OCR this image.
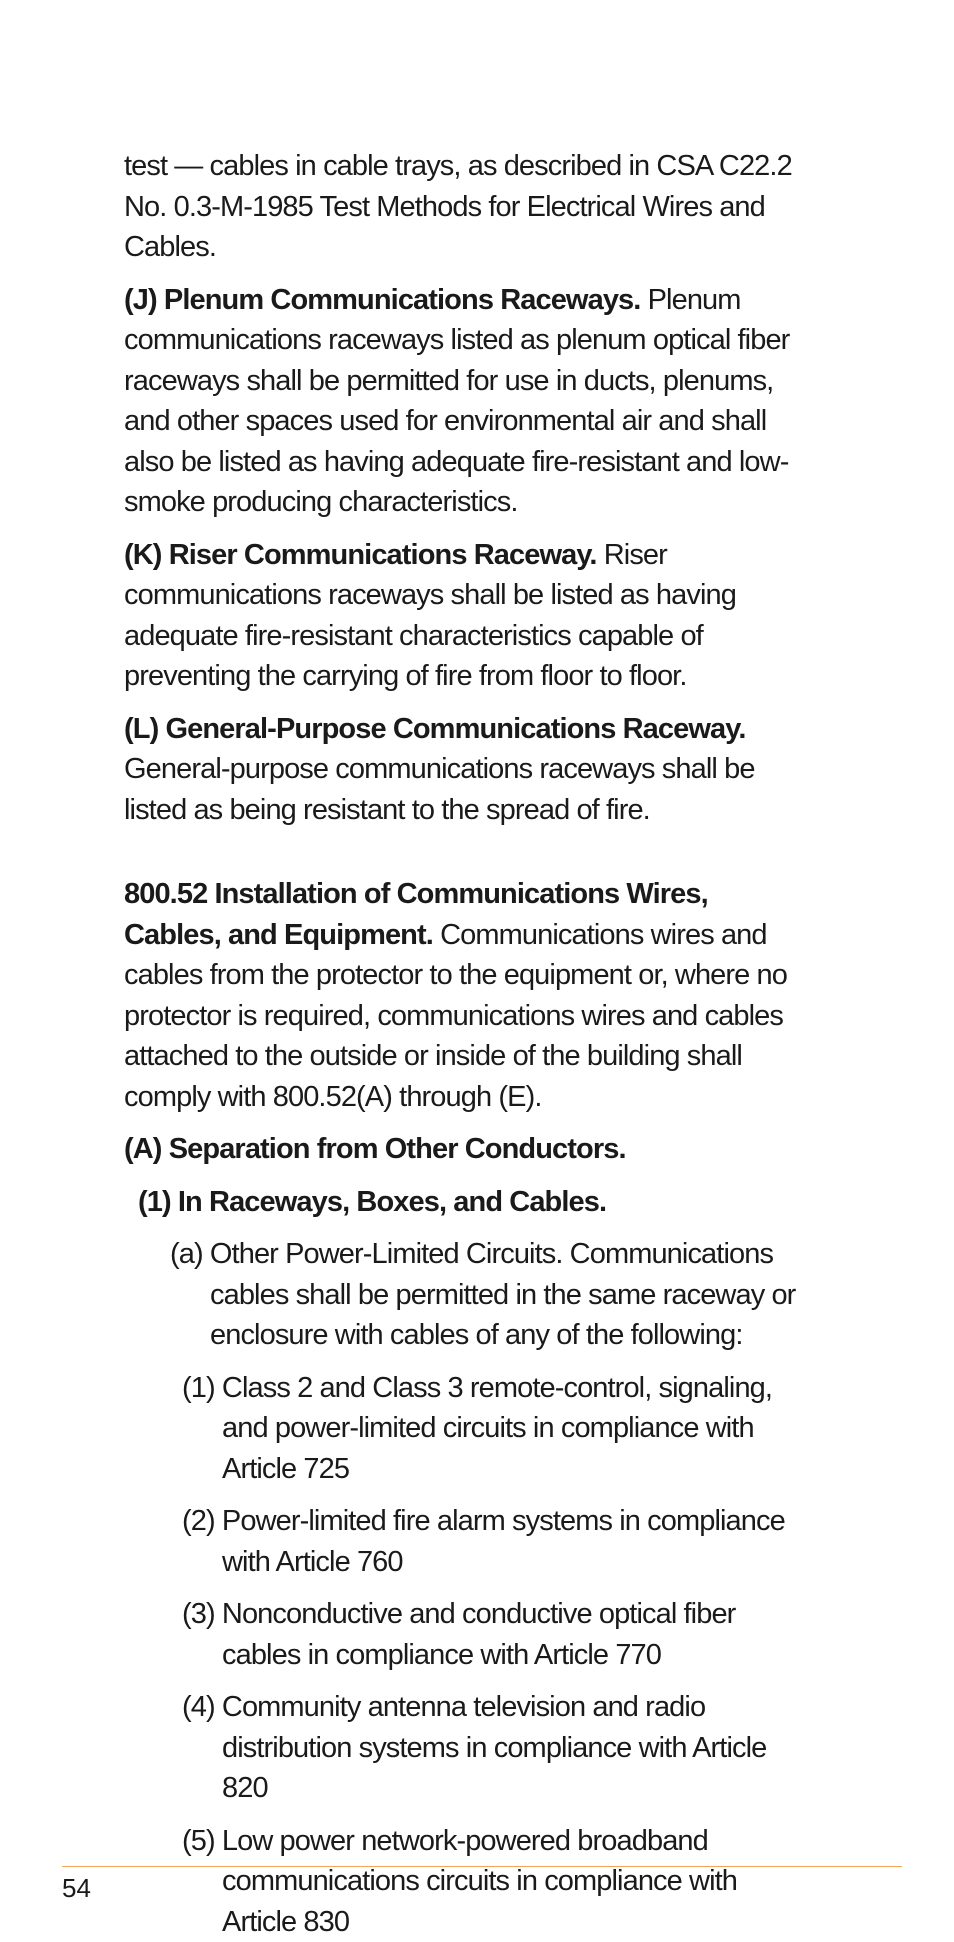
test — cables in cable trays, as described in CSA C22.2 No. 0.3-M-1985 Test Methods for Electrical Wires and Cables.

(J) Plenum Communications Raceways. Plenum communications raceways listed as plenum optical fiber raceways shall be permitted for use in ducts, plenums, and other spaces used for environmental air and shall also be listed as having adequate fire-resistant and low-smoke producing characteristics.

(K) Riser Communications Raceway. Riser communications raceways shall be listed as having adequate fire-resistant characteristics capable of preventing the carrying of fire from floor to floor.

(L) General-Purpose Communications Raceway. General-purpose communications raceways shall be listed as being resistant to the spread of fire.

800.52 Installation of Communications Wires, Cables, and Equipment. Communications wires and cables from the protector to the equipment or, where no protector is required, communications wires and cables attached to the outside or inside of the building shall comply with 800.52(A) through (E).

(A) Separation from Other Conductors.

(1) In Raceways, Boxes, and Cables.

(a) Other Power-Limited Circuits. Communications cables shall be permitted in the same raceway or enclosure with cables of any of the following:

(1) Class 2 and Class 3 remote-control, signaling, and power-limited circuits in compliance with Article 725

(2) Power-limited fire alarm systems in compliance with Article 760

(3) Nonconductive and conductive optical fiber cables in compliance with Article 770

(4) Community antenna television and radio distribution systems in compliance with Article 820

(5) Low power network-powered broadband communications circuits in compliance with Article 830

54
